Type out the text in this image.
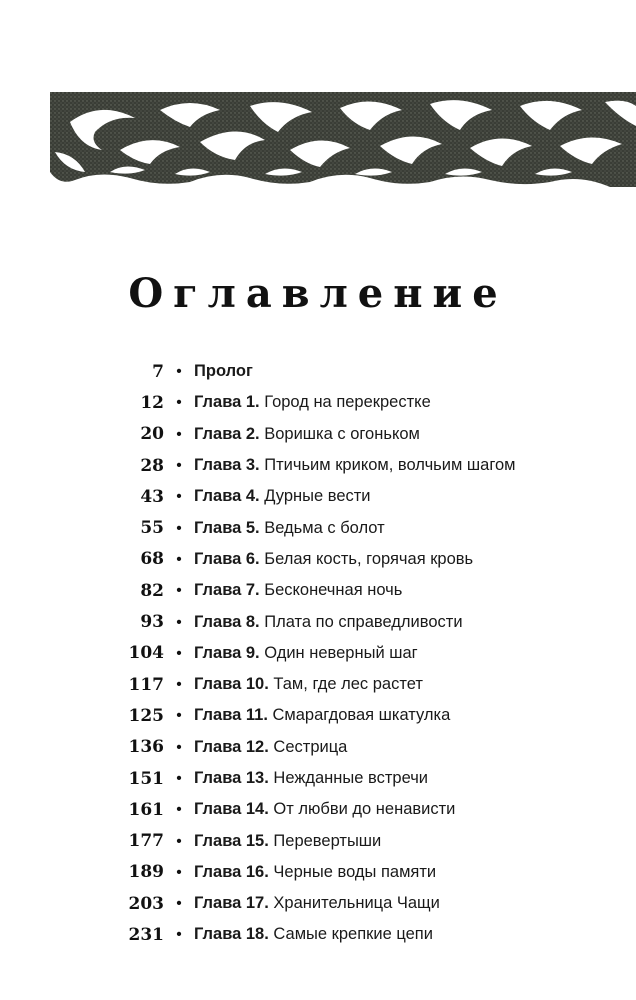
Оглавление
7 • Пролог
12 • Глава 1. Город на перекрестке
20 • Глава 2. Воришка с огоньком
28 • Глава 3. Птичьим криком, волчьим шагом
43 • Глава 4. Дурные вести
55 • Глава 5. Ведьма с болот
68 • Глава 6. Белая кость, горячая кровь
82 • Глава 7. Бесконечная ночь
93 • Глава 8. Плата по справедливости
104 • Глава 9. Один неверный шаг
117 • Глава 10. Там, где лес растет
125 • Глава 11. Смарагдовая шкатулка
136 • Глава 12. Сестрица
151 • Глава 13. Нежданные встречи
161 • Глава 14. От любви до ненависти
177 • Глава 15. Перевертыши
189 • Глава 16. Черные воды памяти
203 • Глава 17. Хранительница Чащи
231 • Глава 18. Самые крепкие цепи
